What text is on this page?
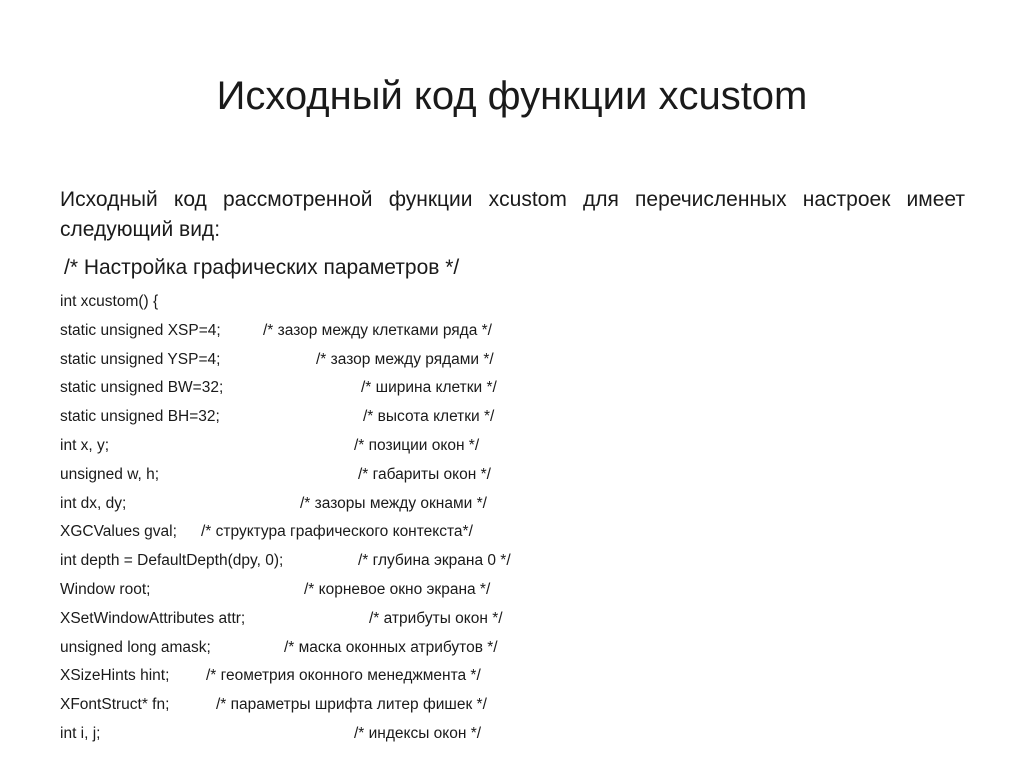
Исходный код функции xcustom
Исходный код рассмотренной функции xcustom для перечисленных настроек имеет следующий вид:
/* Настройка графических параметров */
int xcustom() {
static unsigned XSP=4;	/* зазор между клетками ряда */
static unsigned YSP=4;	/* зазор между рядами */
static unsigned BW=32;	/* ширина клетки */
static unsigned BH=32;	/* высота клетки */
int x, y;	/* позиции окон */
unsigned w, h;	/* габариты окон */
int dx, dy;	/* зазоры между окнами */
XGCValues gval; /* структура графического контекста*/
int depth = DefaultDepth(dpy, 0);	/* глубина экрана 0 */
Window root;	/* корневое окно экрана */
XSetWindowAttributes attr;	/* атрибуты окон */
unsigned long amask;	/* маска оконных атрибутов */
XSizeHints hint; /* геометрия оконного менеджмента */
XFontStruct* fn;	/* параметры шрифта литер фишек */
int i, j;	/* индексы окон */
